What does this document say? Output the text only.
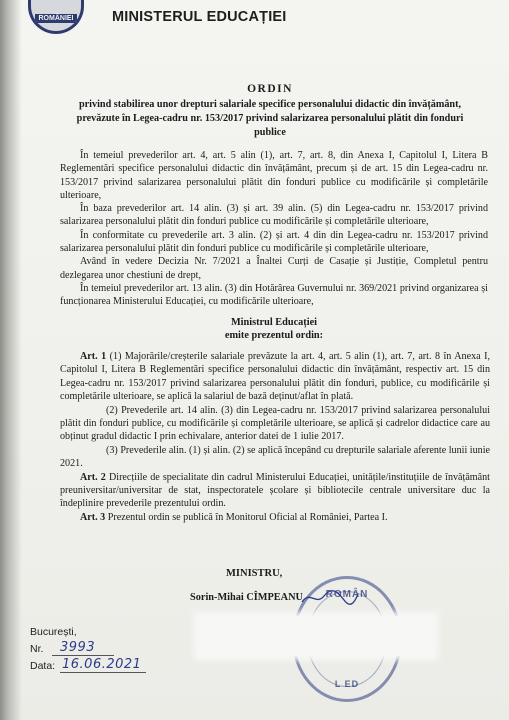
ROMÂNIEI	MINISTERUL EDUCAȚIEI

ORDIN

privind stabilirea unor drepturi salariale specifice personalului didactic din învățământ, prevăzute în Legea-cadru nr. 153/2017 privind salarizarea personalului plătit din fonduri publice

În temeiul prevederilor art. 4, art. 5 alin (1), art. 7, art. 8, din Anexa I, Capitolul I, Litera B Reglementări specifice personalului didactic din învățământ, precum și de art. 15 din Legea-cadru nr. 153/2017 privind salarizarea personalului plătit din fonduri publice cu modificările și completările ulterioare,

În baza prevederilor art. 14 alin. (3) și art. 39 alin. (5) din Legea-cadru nr. 153/2017 privind salarizarea personalului plătit din fonduri publice cu modificările și completările ulterioare,

În conformitate cu prevederile art. 3 alin. (2) și art. 4 din din Legea-cadru nr. 153/2017 privind salarizarea personalului plătit din fonduri publice cu modificările și completările ulterioare,

Având în vedere Decizia Nr. 7/2021 a Înaltei Curți de Casație și Justiție, Completul pentru dezlegarea unor chestiuni de drept,

În temeiul prevederilor art. 13 alin. (3) din Hotărârea Guvernului nr. 369/2021 privind organizarea și funcționarea Ministerului Educației, cu modificările ulterioare,

Ministrul Educației
emite prezentul ordin:

Art. 1 (1) Majorările/creșterile salariale prevăzute la art. 4, art. 5 alin (1), art. 7, art. 8 în Anexa I, Capitolul I, Litera B Reglementări specifice personalului didactic din învățământ, respectiv art. 15 din Legea-cadru nr. 153/2017 privind salarizarea personalului plătit din fonduri, publice, cu modificările și completările ulterioare, se aplică la salariul de bază deținut/aflat în plată.

(2) Prevederile art. 14 alin. (3) din Legea-cadru nr. 153/2017 privind salarizarea personalului plătit din fonduri publice, cu modificările și completările ulterioare, se aplică și cadrelor didactice care au obținut gradul didactic I prin echivalare, anterior datei de 1 iulie 2017.

(3) Prevederile alin. (1) și alin. (2) se aplică începând cu drepturile salariale aferente lunii iunie 2021.

Art. 2 Direcțiile de specialitate din cadrul Ministerului Educației, unitățile/instituțiile de învățământ preuniversitar/universitar de stat, inspectoratele școlare și bibliotecile centrale universitare duc la îndeplinire prevederile prezentului ordin.

Art. 3 Prezentul ordin se publică în Monitorul Oficial al României, Partea I.

MINISTRU,
Sorin-Mihai CÎMPEANU	ROMÂN
L ED
București,
Nr. 3993
Data: 16.06.2021
